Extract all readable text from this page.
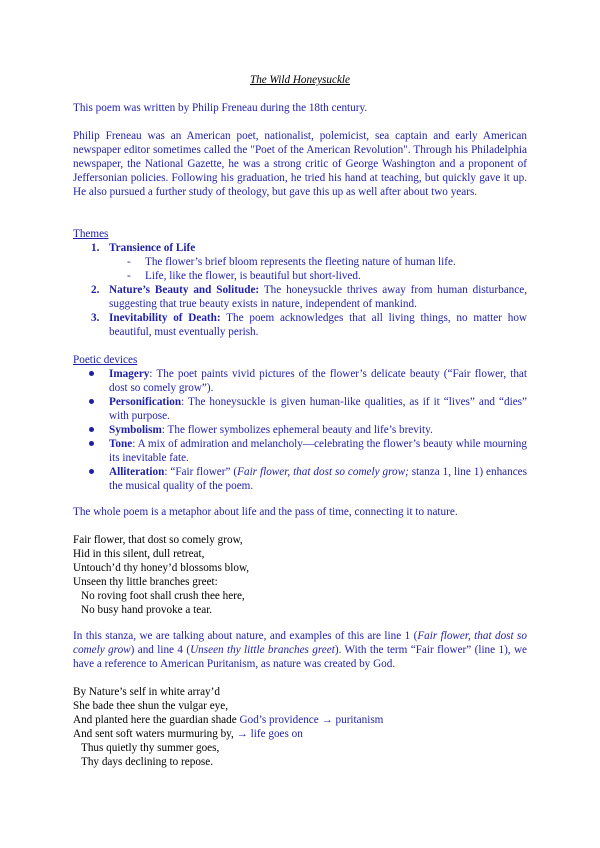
The Wild Honeysuckle
This poem was written by Philip Freneau during the 18th century.
Philip Freneau was an American poet, nationalist, polemicist, sea captain and early American newspaper editor sometimes called the "Poet of the American Revolution". Through his Philadelphia newspaper, the National Gazette, he was a strong critic of George Washington and a proponent of Jeffersonian policies. Following his graduation, he tried his hand at teaching, but quickly gave it up. He also pursued a further study of theology, but gave this up as well after about two years.
Themes
1. Transience of Life
- The flower’s brief bloom represents the fleeting nature of human life.
- Life, like the flower, is beautiful but short-lived.
2. Nature’s Beauty and Solitude: The honeysuckle thrives away from human disturbance, suggesting that true beauty exists in nature, independent of mankind.
3. Inevitability of Death: The poem acknowledges that all living things, no matter how beautiful, must eventually perish.
Poetic devices
Imagery: The poet paints vivid pictures of the flower’s delicate beauty (“Fair flower, that dost so comely grow”).
Personification: The honeysuckle is given human-like qualities, as if it “lives” and “dies” with purpose.
Symbolism: The flower symbolizes ephemeral beauty and life’s brevity.
Tone: A mix of admiration and melancholy—celebrating the flower’s beauty while mourning its inevitable fate.
Alliteration: “Fair flower” (Fair flower, that dost so comely grow; stanza 1, line 1) enhances the musical quality of the poem.
The whole poem is a metaphor about life and the pass of time, connecting it to nature.
Fair flower, that dost so comely grow,
Hid in this silent, dull retreat,
Untouch’d thy honey’d blossoms blow,
Unseen thy little branches greet:
No roving foot shall crush thee here,
No busy hand provoke a tear.
In this stanza, we are talking about nature, and examples of this are line 1 (Fair flower, that dost so comely grow) and line 4 (Unseen thy little branches greet). With the term “Fair flower” (line 1), we have a reference to American Puritanism, as nature was created by God.
By Nature’s self in white array’d
She bade thee shun the vulgar eye,
And planted here the guardian shade God’s providence → puritanism
And sent soft waters murmuring by, → life goes on
Thus quietly thy summer goes,
Thy days declining to repose.
